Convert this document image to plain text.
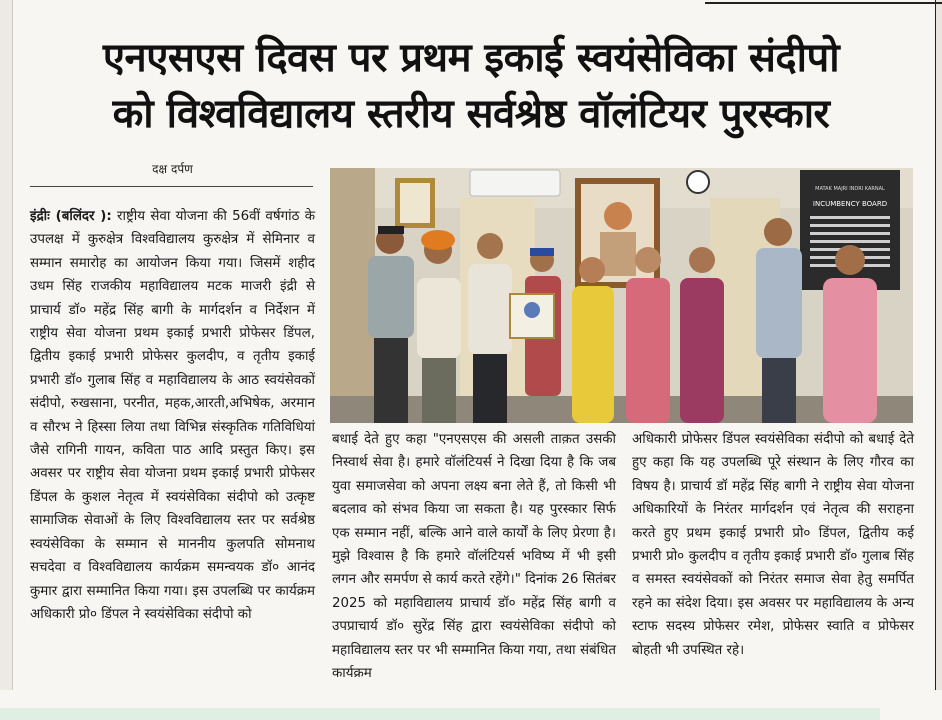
एनएसएस दिवस पर प्रथम इकाई स्वयंसेविका संदीपो
को विश्वविद्यालय स्तरीय सर्वश्रेष्ठ वॉलंटियर पुरस्कार
दक्ष दर्पण

इंद्रीः (बलिंदर ): राष्ट्रीय सेवा योजना की 56वीं वर्षगांठ के उपलक्ष में कुरुक्षेत्र विश्वविद्यालय कुरुक्षेत्र में सेमिनार व सम्मान समारोह का आयोजन किया गया। जिसमें शहीद उधम सिंह राजकीय महाविद्यालय मटक माजरी इंद्री से प्राचार्य डॉ० महेंद्र सिंह बागी के मार्गदर्शन व निर्देशन में राष्ट्रीय सेवा योजना प्रथम इकाई प्रभारी प्रोफेसर डिंपल, द्वितीय इकाई प्रभारी प्रोफेसर कुलदीप, व तृतीय इकाई प्रभारी डॉ० गुलाब सिंह व महाविद्यालय के आठ स्वयंसेवकों संदीपो, रुखसाना, परनीत, महक,आरती,अभिषेक, अरमान व सौरभ ने हिस्सा लिया तथा विभिन्न संस्कृतिक गतिविधियां जैसे रागिनी गायन, कविता पाठ आदि प्रस्तुत किए। इस अवसर पर राष्ट्रीय सेवा योजना प्रथम इकाई प्रभारी प्रोफेसर डिंपल के कुशल नेतृत्व में स्वयंसेविका संदीपो को उत्कृष्ट सामाजिक सेवाओं के लिए विश्वविद्यालय स्तर पर सर्वश्रेष्ठ स्वयंसेविका के सम्मान से माननीय कुलपति सोमनाथ सचदेवा व विश्वविद्यालय कार्यक्रम समन्वयक डॉ० आनंद कुमार द्वारा सम्मानित किया गया। इस उपलब्धि पर कार्यक्रम अधिकारी प्रो० डिंपल ने स्वयंसेविका संदीपो को

MATAK MAJRI INDRI KARNAL
INCUMBENCY BOARD

बधाई देते हुए कहा "एनएसएस की असली ताक़त उसकी निस्वार्थ सेवा है। हमारे वॉलंटियर्स ने दिखा दिया है कि जब युवा समाजसेवा को अपना लक्ष्य बना लेते हैं, तो किसी भी बदलाव को संभव किया जा सकता है। यह पुरस्कार सिर्फ एक सम्मान नहीं, बल्कि आने वाले कार्यों के लिए प्रेरणा है। मुझे विश्वास है कि हमारे वॉलंटियर्स भविष्य में भी इसी लगन और समर्पण से कार्य करते रहेंगे।" दिनांक 26 सितंबर 2025 को महाविद्यालय प्राचार्य डॉ० महेंद्र सिंह बागी व उपप्राचार्य डॉ० सुरेंद्र सिंह द्वारा स्वयंसेविका संदीपो को महाविद्यालय स्तर पर भी सम्मानित किया गया, तथा संबंधित कार्यक्रम

अधिकारी प्रोफेसर डिंपल स्वयंसेविका संदीपो को बधाई देते हुए कहा कि यह उपलब्धि पूरे संस्थान के लिए गौरव का विषय है। प्राचार्य डॉ महेंद्र सिंह बागी ने राष्ट्रीय सेवा योजना अधिकारियों के निरंतर मार्गदर्शन एवं नेतृत्व की सराहना करते हुए प्रथम इकाई प्रभारी प्रो० डिंपल, द्वितीय कई प्रभारी प्रो० कुलदीप व तृतीय इकाई प्रभारी डॉ० गुलाब सिंह व समस्त स्वयंसेवकों को निरंतर समाज सेवा हेतु समर्पित रहने का संदेश दिया। इस अवसर पर महाविद्यालय के अन्य स्टाफ सदस्य प्रोफेसर रमेश, प्रोफेसर स्वाति व प्रोफेसर बोहती भी उपस्थित रहे।
